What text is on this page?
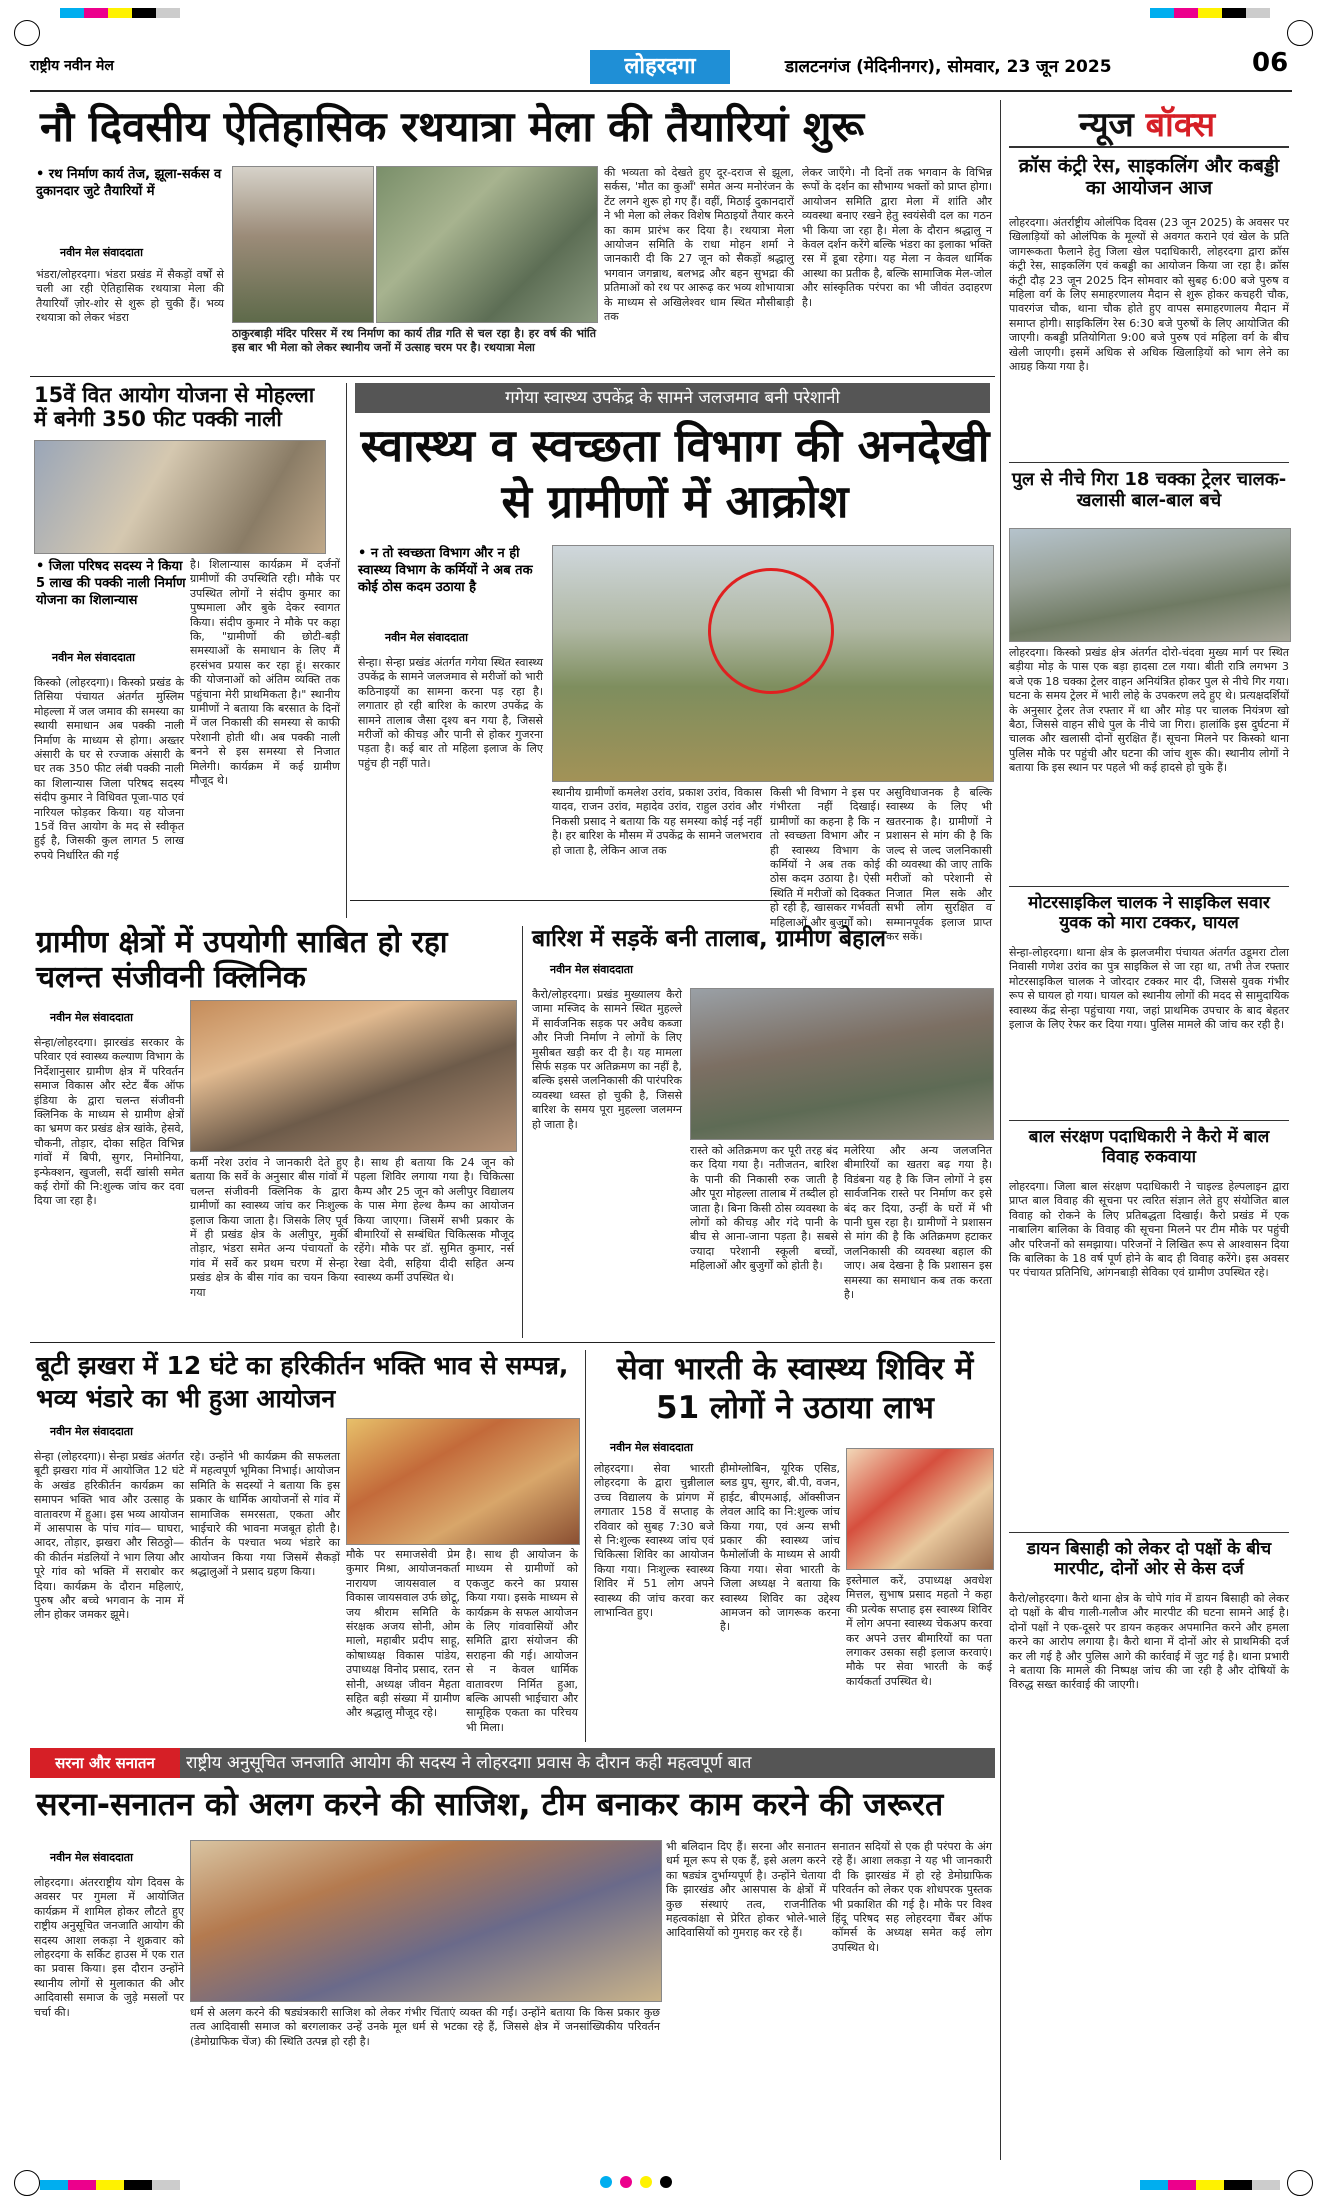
राष्ट्रीय नवीन मेल	लोहरदगा	डालटनगंज (मेदिनीनगर), सोमवार, 23 जून 2025	06
नौ दिवसीय ऐतिहासिक रथयात्रा मेला की तैयारियां शुरू
• रथ निर्माण कार्य तेज, झूला-सर्कस व दुकानदार जुटे तैयारियों में
नवीन मेल संवाददाता
भंडरा/लोहरदगा। भंडरा प्रखंड में सैकड़ों वर्षों से चली आ रही ऐतिहासिक रथयात्रा मेला की तैयारियाँ ज़ोर-शोर से शुरू हो चुकी हैं। भव्य रथयात्रा को लेकर भंडरा
ठाकुरबाड़ी मंदिर परिसर में रथ निर्माण का कार्य तीव्र गति से चल रहा है। हर वर्ष की भांति इस बार भी मेला को लेकर स्थानीय जनों में उत्साह चरम पर है। रथयात्रा मेला
की भव्यता को देखते हुए दूर-दराज से झूला, सर्कस, 'मौत का कुआँ' समेत अन्य मनोरंजन के टेंट लगने शुरू हो गए हैं। वहीं, मिठाई दुकानदारों ने भी मेला को लेकर विशेष मिठाइयों तैयार करने का काम प्रारंभ कर दिया है। रथयात्रा मेला आयोजन समिति के राधा मोहन शर्मा ने जानकारी दी कि 27 जून को सैकड़ों श्रद्धालु भगवान जगन्नाथ, बलभद्र और बहन सुभद्रा की प्रतिमाओं को रथ पर आरूढ़ कर भव्य शोभायात्रा के माध्यम से अखिलेश्वर धाम स्थित मौसीबाड़ी तक
लेकर जाएँगे। नौ दिनों तक भगवान के विभिन्न रूपों के दर्शन का सौभाग्य भक्तों को प्राप्त होगा। आयोजन समिति द्वारा मेला में शांति और व्यवस्था बनाए रखने हेतु स्वयंसेवी दल का गठन भी किया जा रहा है। मेला के दौरान श्रद्धालु न केवल दर्शन करेंगे बल्कि भंडरा का इलाका भक्ति रस में डूबा रहेगा। यह मेला न केवल धार्मिक आस्था का प्रतीक है, बल्कि सामाजिक मेल-जोल और सांस्कृतिक परंपरा का भी जीवंत उदाहरण है।
15वें वित आयोग योजना से मोहल्ला में बनेगी 350 फीट पक्की नाली
• जिला परिषद सदस्य ने किया 5 लाख की पक्की नाली निर्माण योजना का शिलान्यास
नवीन मेल संवाददाता
किस्को (लोहरदगा)। किस्को प्रखंड के तिसिया पंचायत अंतर्गत मुस्लिम मोहल्ला में जल जमाव की समस्या का स्थायी समाधान अब पक्की नाली निर्माण के माध्यम से होगा। अख्तर अंसारी के घर से रज्जाक अंसारी के घर तक 350 फीट लंबी पक्की नाली का शिलान्यास जिला परिषद सदस्य संदीप कुमार ने विधिवत पूजा-पाठ एवं नारियल फोड़कर किया। यह योजना 15वें वित्त आयोग के मद से स्वीकृत हुई है, जिसकी कुल लागत 5 लाख रुपये निर्धारित की गई
है। शिलान्यास कार्यक्रम में दर्जनों ग्रामीणों की उपस्थिति रही। मौके पर उपस्थित लोगों ने संदीप कुमार का पुष्पमाला और बुके देकर स्वागत किया। संदीप कुमार ने मौके पर कहा कि, "ग्रामीणों की छोटी-बड़ी समस्याओं के समाधान के लिए मैं हरसंभव प्रयास कर रहा हूं। सरकार की योजनाओं को अंतिम व्यक्ति तक पहुंचाना मेरी प्राथमिकता है।" स्थानीय ग्रामीणों ने बताया कि बरसात के दिनों में जल निकासी की समस्या से काफी परेशानी होती थी। अब पक्की नाली बनने से इस समस्या से निजात मिलेगी। कार्यक्रम में कई ग्रामीण मौजूद थे।
गगेया स्वास्थ्य उपकेंद्र के सामने जलजमाव बनी परेशानी
स्वास्थ्य व स्वच्छता विभाग की अनदेखी से ग्रामीणों में आक्रोश
• न तो स्वच्छता विभाग और न ही स्वास्थ्य विभाग के कर्मियों ने अब तक कोई ठोस कदम उठाया है
नवीन मेल संवाददाता
सेन्हा। सेन्हा प्रखंड अंतर्गत गगेया स्थित स्वास्थ्य उपकेंद्र के सामने जलजमाव से मरीजों को भारी कठिनाइयों का सामना करना पड़ रहा है। लगातार हो रही बारिश के कारण उपकेंद्र के सामने तालाब जैसा दृश्य बन गया है, जिससे मरीजों को कीचड़ और पानी से होकर गुजरना पड़ता है। कई बार तो महिला इलाज के लिए पहुंच ही नहीं पाते।
स्थानीय ग्रामीणों कमलेश उरांव, प्रकाश उरांव, विकास यादव, राजन उरांव, महादेव उरांव, राहुल उरांव और निकसी प्रसाद ने बताया कि यह समस्या कोई नई नहीं है। हर बारिश के मौसम में उपकेंद्र के सामने जलभराव हो जाता है, लेकिन आज तक
किसी भी विभाग ने इस पर गंभीरता नहीं दिखाई। ग्रामीणों का कहना है कि न तो स्वच्छता विभाग और न ही स्वास्थ्य विभाग के कर्मियों ने अब तक कोई ठोस कदम उठाया है। ऐसी स्थिति में मरीजों को दिक्कत हो रही है, खासकर गर्भवती महिलाओं और बुजुर्गों को।
असुविधाजनक है बल्कि स्वास्थ्य के लिए भी खतरनाक है। ग्रामीणों ने प्रशासन से मांग की है कि जल्द से जल्द जलनिकासी की व्यवस्था की जाए ताकि मरीजों को परेशानी से निजात मिल सके और सभी लोग सुरक्षित व सम्मानपूर्वक इलाज प्राप्त कर सकें।
ग्रामीण क्षेत्रों में उपयोगी साबित हो रहा चलन्त संजीवनी क्लिनिक
नवीन मेल संवाददाता
सेन्हा/लोहरदगा। झारखंड सरकार के परिवार एवं स्वास्थ्य कल्याण विभाग के निर्देशानुसार ग्रामीण क्षेत्र में परिवर्तन समाज विकास और स्टेट बैंक ऑफ इंडिया के द्वारा चलन्त संजीवनी क्लिनिक के माध्यम से ग्रामीण क्षेत्रों का भ्रमण कर प्रखंड क्षेत्र खांके, हेसवे, चौकनी, तोड़ार, दोका सहित विभिन्न गांवों में बिपी, सुगर, निमोनिया, इन्फेक्शन, खुजली, सर्दी खांसी समेत कई रोगों की नि:शुल्क जांच कर दवा दिया जा रहा है।
कर्मी नरेश उरांव ने जानकारी देते हुए बताया कि सर्वे के अनुसार बीस गांवों में चलन्त संजीवनी क्लिनिक के द्वारा ग्रामीणों का स्वास्थ्य जांच कर निःशुल्क इलाज किया जाता है। जिसके लिए पूर्व में ही प्रखंड क्षेत्र के अलीपुर, मुर्की तोड़ार, भंडरा समेत अन्य पंचायतों के गांव में सर्वे कर प्रथम चरण में सेन्हा प्रखंड क्षेत्र के बीस गांव का चयन किया गया
है। साथ ही बताया कि 24 जून को पहला शिविर लगाया गया है। चिकित्सा कैम्प और 25 जून को अलीपुर विद्यालय के पास मेगा हेल्थ कैम्प का आयोजन किया जाएगा। जिसमें सभी प्रकार के बीमारियों से सम्बंधित चिकित्सक मौजूद रहेंगे। मौके पर डॉ. सुमित कुमार, नर्स रेखा देवी, सहिया दीदी सहित अन्य स्वास्थ्य कर्मी उपस्थित थे।
बारिश में सड़कें बनी तालाब, ग्रामीण बेहाल
नवीन मेल संवाददाता
कैरो/लोहरदगा। प्रखंड मुख्यालय कैरो जामा मस्जिद के सामने स्थित मुहल्ले में सार्वजनिक सड़क पर अवैध कब्जा और निजी निर्माण ने लोगों के लिए मुसीबत खड़ी कर दी है। यह मामला सिर्फ सड़क पर अतिक्रमण का नहीं है, बल्कि इससे जलनिकासी की पारंपरिक व्यवस्था ध्वस्त हो चुकी है, जिससे बारिश के समय पूरा मुहल्ला जलमग्न हो जाता है।
रास्ते को अतिक्रमण कर पूरी तरह बंद कर दिया गया है। नतीजतन, बारिश के पानी की निकासी रुक जाती है और पूरा मोहल्ला तालाब में तब्दील हो जाता है। बिना किसी ठोस व्यवस्था के लोगों को कीचड़ और गंदे पानी के बीच से आना-जाना पड़ता है। सबसे ज्यादा परेशानी स्कूली बच्चों, महिलाओं और बुजुर्गों को होती है।
मलेरिया और अन्य जलजनित बीमारियों का खतरा बढ़ गया है। विडंबना यह है कि जिन लोगों ने इस सार्वजनिक रास्ते पर निर्माण कर इसे बंद कर दिया, उन्हीं के घरों में भी पानी घुस रहा है। ग्रामीणों ने प्रशासन से मांग की है कि अतिक्रमण हटाकर जलनिकासी की व्यवस्था बहाल की जाए। अब देखना है कि प्रशासन इस समस्या का समाधान कब तक करता है।
बूटी झखरा में 12 घंटे का हरिकीर्तन भक्ति भाव से सम्पन्न, भव्य भंडारे का भी हुआ आयोजन
नवीन मेल संवाददाता
सेन्हा (लोहरदगा)। सेन्हा प्रखंड अंतर्गत बूटी झखरा गांव में आयोजित 12 घंटे के अखंड हरिकीर्तन कार्यक्रम का समापन भक्ति भाव और उत्साह के वातावरण में हुआ। इस भव्य आयोजन में आसपास के पांच गांव— घाघरा, आदर, तोड़ार, झखरा और सिठठ्ठो—की कीर्तन मंडलियों ने भाग लिया और पूरे गांव को भक्ति में सराबोर कर दिया। कार्यक्रम के दौरान महिलाएं, पुरुष और बच्चे भगवान के नाम में लीन होकर जमकर झूमे।
रहे। उन्होंने भी कार्यक्रम की सफलता में महत्वपूर्ण भूमिका निभाई। आयोजन समिति के सदस्यों ने बताया कि इस प्रकार के धार्मिक आयोजनों से गांव में सामाजिक समरसता, एकता और भाईचारे की भावना मजबूत होती है। कीर्तन के पश्चात भव्य भंडारे का आयोजन किया गया जिसमें सैकड़ों श्रद्धालुओं ने प्रसाद ग्रहण किया।
मौके पर समाजसेवी प्रेम कुमार मिश्रा, आयोजनकर्ता नारायण जायसवाल व विकास जायसवाल उर्फ छोटू, जय श्रीराम समिति के संरक्षक अजय सोनी, ओम मालो, महाबीर प्रदीप साहू, कोषाध्यक्ष विकास पांडेय, उपाध्यक्ष विनोद प्रसाद, रतन सोनी, अध्यक्ष जीवन मैहता सहित बड़ी संख्या में ग्रामीण और श्रद्धालु मौजूद रहे।
है। साथ ही आयोजन के माध्यम से ग्रामीणों को एकजुट करने का प्रयास किया गया। इसके माध्यम से कार्यक्रम के सफल आयोजन के लिए गांववासियों और समिति द्वारा संयोजन की सराहना की गई। आयोजन से न केवल धार्मिक वातावरण निर्मित हुआ, बल्कि आपसी भाईचारा और सामूहिक एकता का परिचय भी मिला।
सेवा भारती के स्वास्थ्य शिविर में 51 लोगों ने उठाया लाभ
नवीन मेल संवाददाता
लोहरदगा। सेवा भारती लोहरदगा के द्वारा चुन्नीलाल उच्च विद्यालय के प्रांगण में लगातार 158 वें सप्ताह के रविवार को सुबह 7:30 बजे से नि:शुल्क स्वास्थ्य जांच एवं चिकित्सा शिविर का आयोजन किया गया। निःशुल्क स्वास्थ्य शिविर में 51 लोग अपने स्वास्थ्य की जांच करवा कर लाभान्वित हुए।
हीमोग्लोबिन, यूरिक एसिड, ब्लड ग्रुप, सुगर, बी.पी, वजन, हाईट, बीएमआई, ऑक्सीजन लेवल आदि का नि:शुल्क जांच किया गया, एवं अन्य सभी प्रकार की स्वास्थ्य जांच फैमोलॉजी के माध्यम से आयी किया गया। सेवा भारती के जिला अध्यक्ष ने बताया कि स्वास्थ्य शिविर का उद्देश्य आमजन को जागरूक करना है।
इस्तेमाल करें, उपाध्यक्ष अवधेश मित्तल, सुभाष प्रसाद महतो ने कहा की प्रत्येक सप्ताह इस स्वास्थ्य शिविर में लोग अपना स्वास्थ्य चेकअप करवा कर अपने उत्तर बीमारियों का पता लगाकर उसका सही इलाज करवाएं। मौके पर सेवा भारती के कई कार्यकर्ता उपस्थित थे।
सरना और सनातन	राष्ट्रीय अनुसूचित जनजाति आयोग की सदस्य ने लोहरदगा प्रवास के दौरान कही महत्वपूर्ण बात
सरना-सनातन को अलग करने की साजिश, टीम बनाकर काम करने की जरूरत
नवीन मेल संवाददाता
लोहरदगा। अंतरराष्ट्रीय योग दिवस के अवसर पर गुमला में आयोजित कार्यक्रम में शामिल होकर लौटते हुए राष्ट्रीय अनुसूचित जनजाति आयोग की सदस्य आशा लकड़ा ने शुक्रवार को लोहरदगा के सर्किट हाउस में एक रात का प्रवास किया। इस दौरान उन्होंने स्थानीय लोगों से मुलाकात की और आदिवासी समाज के जुड़े मसलों पर चर्चा की।	धर्म से अलग करने की षड्यंत्रकारी साजिश को लेकर गंभीर चिंताएं व्यक्त की गईं। उन्होंने बताया कि किस प्रकार कुछ तत्व आदिवासी समाज को बरगलाकर उन्हें उनके मूल धर्म से भटका रहे हैं, जिससे क्षेत्र में जनसांख्यिकीय परिवर्तन (डेमोग्राफिक चेंज) की स्थिति उत्पन्न हो रही है।
भी बलिदान दिए हैं। सरना और सनातन धर्म मूल रूप से एक हैं, इसे अलग करने का षड्यंत्र दुर्भाग्यपूर्ण है। उन्होंने चेताया कि झारखंड और आसपास के क्षेत्रों में कुछ संस्थाएं तत्व, राजनीतिक महत्वकांक्षा से प्रेरित होकर भोले-भाले आदिवासियों को गुमराह कर रहे हैं।
सनातन सदियों से एक ही परंपरा के अंग रहे हैं। आशा लकड़ा ने यह भी जानकारी दी कि झारखंड में हो रहे डेमोग्राफिक परिवर्तन को लेकर एक शोधपरक पुस्तक भी प्रकाशित की गई है। मौके पर विश्व हिंदू परिषद सह लोहरदगा चैंबर ऑफ कॉमर्स के अध्यक्ष समेत कई लोग उपस्थित थे।
न्यूज बॉक्स
क्रॉस कंट्री रेस, साइकलिंग और कबड्डी का आयोजन आज
लोहरदगा। अंतर्राष्ट्रीय ओलंपिक दिवस (23 जून 2025) के अवसर पर खिलाड़ियों को ओलंपिक के मूल्यों से अवगत कराने एवं खेल के प्रति जागरूकता फैलाने हेतु जिला खेल पदाधिकारी, लोहरदगा द्वारा क्रॉस कंट्री रेस, साइकलिंग एवं कबड्डी का आयोजन किया जा रहा है। क्रॉस कंट्री दौड़ 23 जून 2025 दिन सोमवार को सुबह 6:00 बजे पुरुष व महिला वर्ग के लिए समाहरणालय मैदान से शुरू होकर कचहरी चौक, पावरगंज चौक, थाना चौक होते हुए वापस समाहरणालय मैदान में समाप्त होगी। साइकिलिंग रेस 6:30 बजे पुरुषों के लिए आयोजित की जाएगी। कबड्डी प्रतियोगिता 9:00 बजे पुरुष एवं महिला वर्ग के बीच खेली जाएगी। इसमें अधिक से अधिक खिलाड़ियों को भाग लेने का आग्रह किया गया है।
पुल से नीचे गिरा 18 चक्का ट्रेलर चालक-खलासी बाल-बाल बचे
लोहरदगा। किस्को प्रखंड क्षेत्र अंतर्गत दोरो-चंदवा मुख्य मार्ग पर स्थित बड़ीया मोड़ के पास एक बड़ा हादसा टल गया। बीती रात्रि लगभग 3 बजे एक 18 चक्का ट्रेलर वाहन अनियंत्रित होकर पुल से नीचे गिर गया। घटना के समय ट्रेलर में भारी लोहे के उपकरण लदे हुए थे। प्रत्यक्षदर्शियों के अनुसार ट्रेलर तेज रफ्तार में था और मोड़ पर चालक नियंत्रण खो बैठा, जिससे वाहन सीधे पुल के नीचे जा गिरा। हालांकि इस दुर्घटना में चालक और खलासी दोनों सुरक्षित हैं। सूचना मिलने पर किस्को थाना पुलिस मौके पर पहुंची और घटना की जांच शुरू की। स्थानीय लोगों ने बताया कि इस स्थान पर पहले भी कई हादसे हो चुके हैं।
मोटरसाइकिल चालक ने साइकिल सवार युवक को मारा टक्कर, घायल
सेन्हा-लोहरदगा। थाना क्षेत्र के झलजमीरा पंचायत अंतर्गत उडूमरा टोला निवासी गणेश उरांव का पुत्र साइकिल से जा रहा था, तभी तेज रफ्तार मोटरसाइकिल चालक ने जोरदार टक्कर मार दी, जिससे युवक गंभीर रूप से घायल हो गया। घायल को स्थानीय लोगों की मदद से सामुदायिक स्वास्थ्य केंद्र सेन्हा पहुंचाया गया, जहां प्राथमिक उपचार के बाद बेहतर इलाज के लिए रेफर कर दिया गया। पुलिस मामले की जांच कर रही है।
बाल संरक्षण पदाधिकारी ने कैरो में बाल विवाह रुकवाया
लोहरदगा। जिला बाल संरक्षण पदाधिकारी ने चाइल्ड हेल्पलाइन द्वारा प्राप्त बाल विवाह की सूचना पर त्वरित संज्ञान लेते हुए संयोजित बाल विवाह को रोकने के लिए प्रतिबद्धता दिखाई। कैरो प्रखंड में एक नाबालिग बालिका के विवाह की सूचना मिलने पर टीम मौके पर पहुंची और परिजनों को समझाया। परिजनों ने लिखित रूप से आश्वासन दिया कि बालिका के 18 वर्ष पूर्ण होने के बाद ही विवाह करेंगे। इस अवसर पर पंचायत प्रतिनिधि, आंगनबाड़ी सेविका एवं ग्रामीण उपस्थित रहे।
डायन बिसाही को लेकर दो पक्षों के बीच मारपीट, दोनों ओर से केस दर्ज
कैरो/लोहरदगा। कैरो थाना क्षेत्र के चोपे गांव में डायन बिसाही को लेकर दो पक्षों के बीच गाली-गलौज और मारपीट की घटना सामने आई है। दोनों पक्षों ने एक-दूसरे पर डायन कहकर अपमानित करने और हमला करने का आरोप लगाया है। कैरो थाना में दोनों ओर से प्राथमिकी दर्ज कर ली गई है और पुलिस आगे की कार्रवाई में जुट गई है। थाना प्रभारी ने बताया कि मामले की निष्पक्ष जांच की जा रही है और दोषियों के विरुद्ध सख्त कार्रवाई की जाएगी।
